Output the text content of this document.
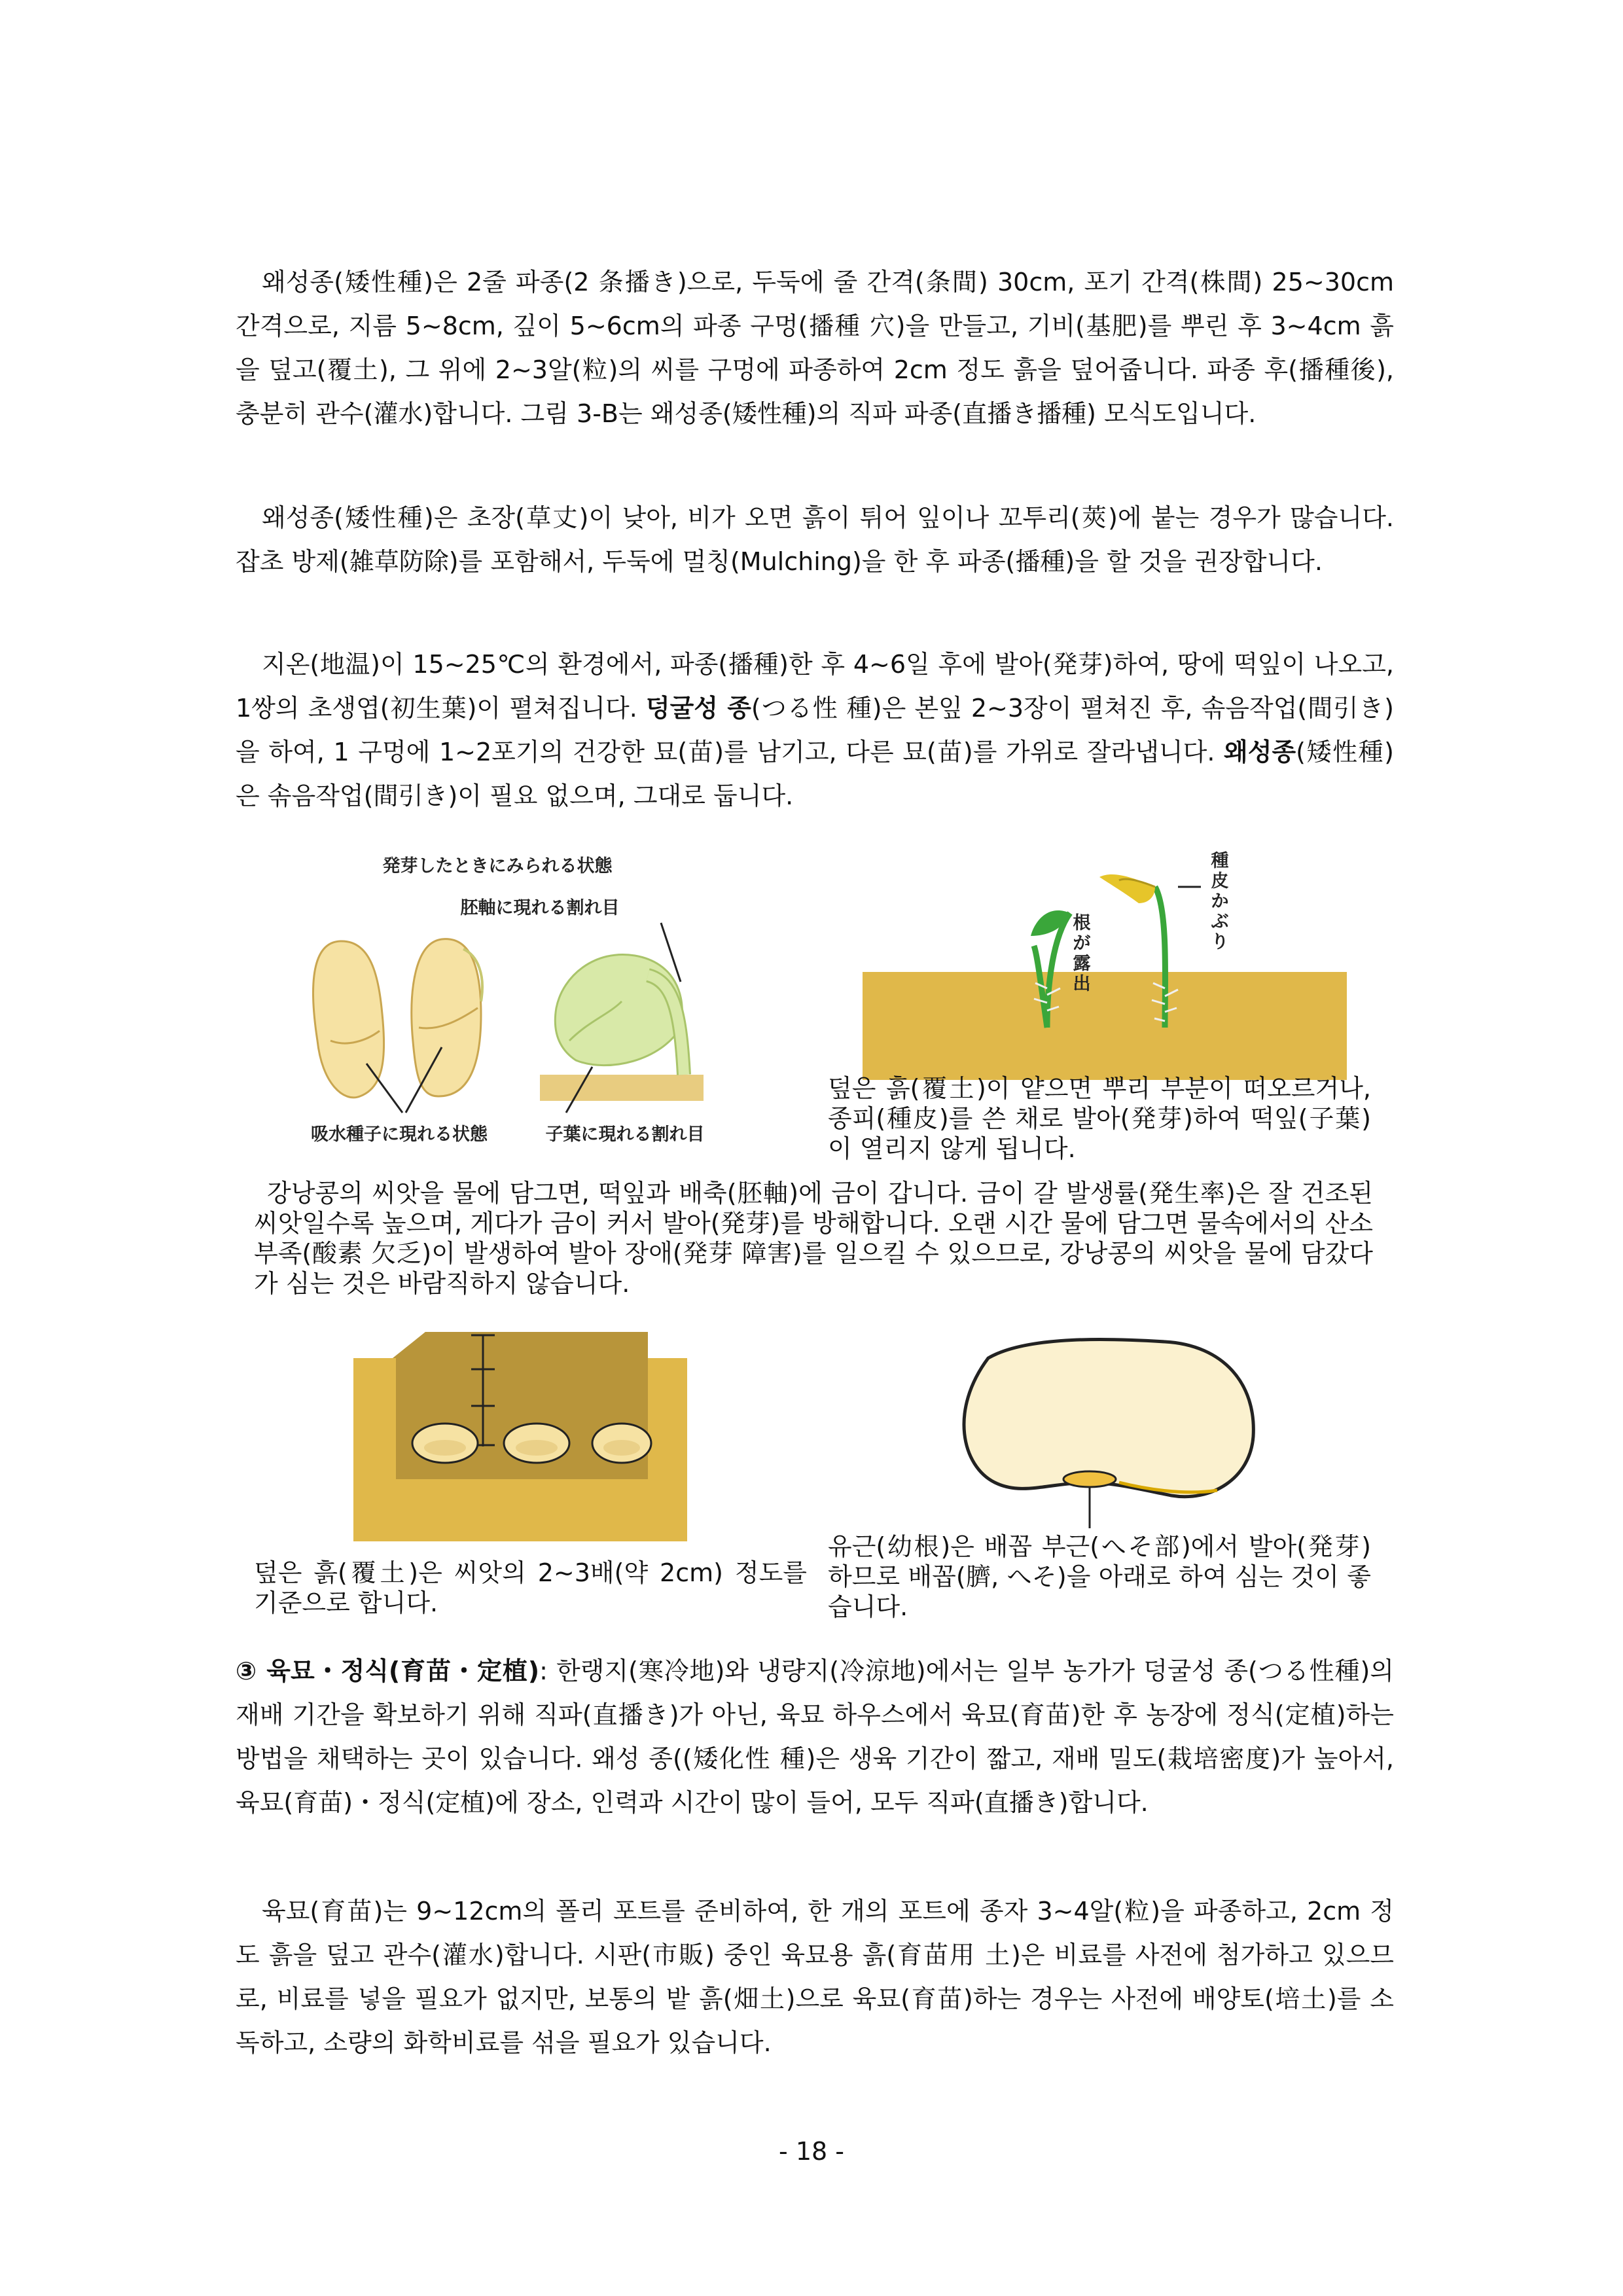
왜성종(矮性種)은 2줄 파종(2 条播き)으로, 두둑에 줄 간격(条間) 30cm, 포기 간격(株間) 25~30cm 간격으로, 지름 5~8cm, 깊이 5~6cm의 파종 구멍(播種 穴)을 만들고, 기비(基肥)를 뿌린 후 3~4cm 흙을 덮고(覆土), 그 위에 2~3알(粒)의 씨를 구멍에 파종하여 2cm 정도 흙을 덮어줍니다. 파종 후(播種後), 충분히 관수(灌水)합니다. 그림 3-B는 왜성종(矮性種)의 직파 파종(直播き播種) 모식도입니다.

왜성종(矮性種)은 초장(草丈)이 낮아, 비가 오면 흙이 튀어 잎이나 꼬투리(莢)에 붙는 경우가 많습니다. 잡초 방제(雑草防除)를 포함해서, 두둑에 멀칭(Mulching)을 한 후 파종(播種)을 할 것을 권장합니다.

지온(地温)이 15~25℃의 환경에서, 파종(播種)한 후 4~6일 후에 발아(発芽)하여, 땅에 떡잎이 나오고, 1쌍의 초생엽(初生葉)이 펼쳐집니다. 덩굴성 종(つる性 種)은 본잎 2~3장이 펼쳐진 후, 솎음작업(間引き)을 하여, 1 구멍에 1~2포기의 건강한 묘(苗)를 남기고, 다른 묘(苗)를 가위로 잘라냅니다. 왜성종(矮性種)은 솎음작업(間引き)이 필요 없으며, 그대로 둡니다.

発芽したときにみられる状態
胚軸に現れる割れ目
吸水種子に現れる状態	子葉に現れる割れ目
種皮かぶり
根が露出

덮은 흙(覆土)이 얕으면 뿌리 부분이 떠오르거나, 종피(種皮)를 쓴 채로 발아(発芽)하여 떡잎(子葉)이 열리지 않게 됩니다.

강낭콩의 씨앗을 물에 담그면, 떡잎과 배축(胚軸)에 금이 갑니다. 금이 갈 발생률(発生率)은 잘 건조된 씨앗일수록 높으며, 게다가 금이 커서 발아(発芽)를 방해합니다. 오랜 시간 물에 담그면 물속에서의 산소 부족(酸素 欠乏)이 발생하여 발아 장애(発芽 障害)를 일으킬 수 있으므로, 강낭콩의 씨앗을 물에 담갔다가 심는 것은 바람직하지 않습니다.

덮은 흙(覆土)은 씨앗의 2~3배(약 2cm) 정도를 기준으로 합니다.

유근(幼根)은 배꼽 부근(へそ部)에서 발아(発芽)하므로 배꼽(臍, へそ)을 아래로 하여 심는 것이 좋습니다.

③ 육묘・정식(育苗・定植): 한랭지(寒冷地)와 냉량지(冷涼地)에서는 일부 농가가 덩굴성 종(つる性種)의 재배 기간을 확보하기 위해 직파(直播き)가 아닌, 육묘 하우스에서 육묘(育苗)한 후 농장에 정식(定植)하는 방법을 채택하는 곳이 있습니다. 왜성 종((矮化性 種)은 생육 기간이 짧고, 재배 밀도(栽培密度)가 높아서, 육묘(育苗)・정식(定植)에 장소, 인력과 시간이 많이 들어, 모두 직파(直播き)합니다.

육묘(育苗)는 9~12cm의 폴리 포트를 준비하여, 한 개의 포트에 종자 3~4알(粒)을 파종하고, 2cm 정도 흙을 덮고 관수(灌水)합니다. 시판(市販) 중인 육묘용 흙(育苗用 土)은 비료를 사전에 첨가하고 있으므로, 비료를 넣을 필요가 없지만, 보통의 밭 흙(畑土)으로 육묘(育苗)하는 경우는 사전에 배양토(培土)를 소독하고, 소량의 화학비료를 섞을 필요가 있습니다.

- 18 -
